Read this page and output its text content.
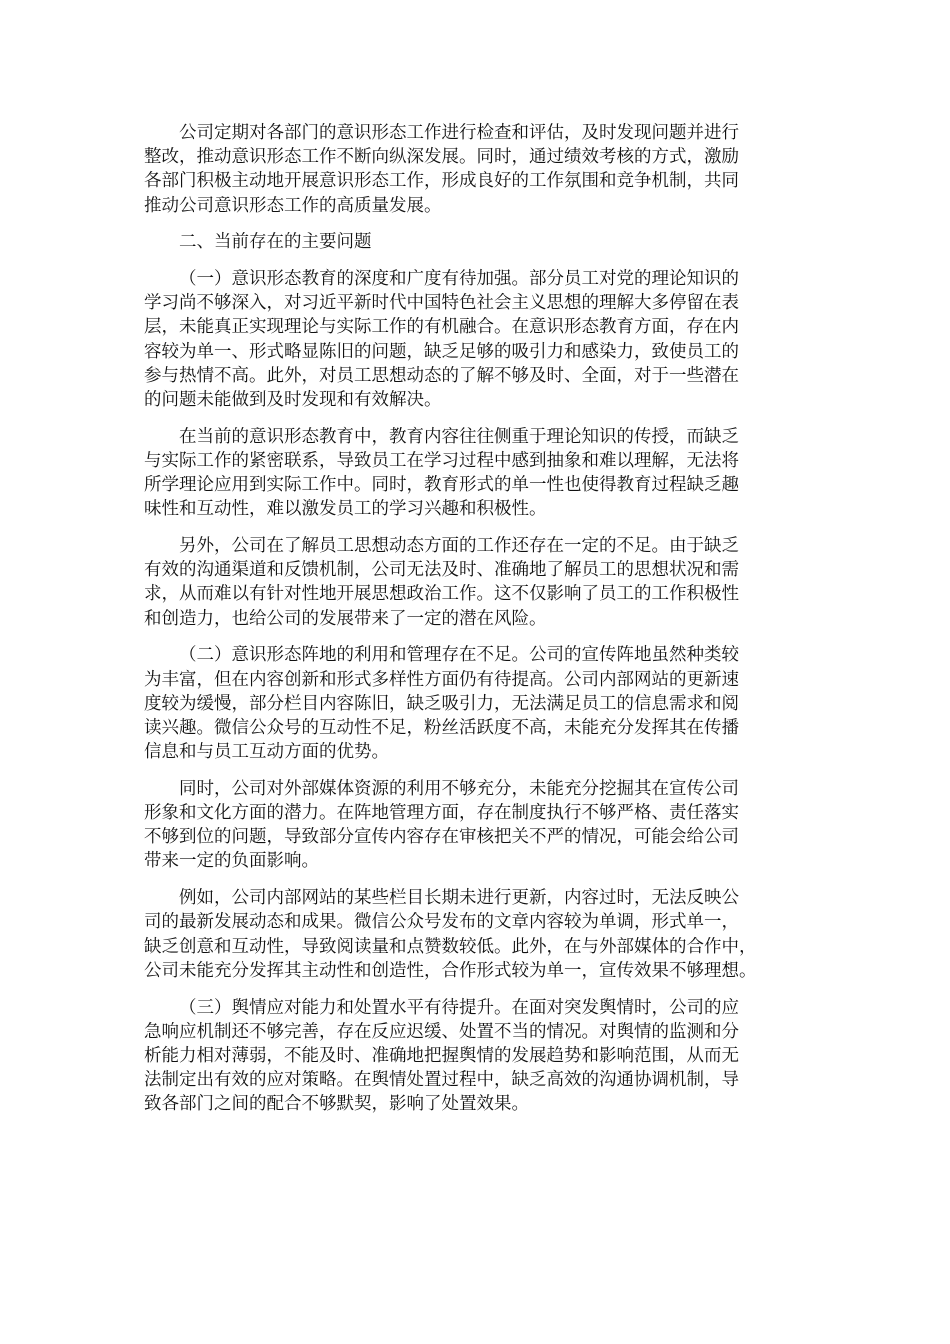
公司定期对各部门的意识形态工作进行检查和评估，及时发现问题并进行
整改，推动意识形态工作不断向纵深发展。同时，通过绩效考核的方式，激励
各部门积极主动地开展意识形态工作，形成良好的工作氛围和竞争机制，共同
推动公司意识形态工作的高质量发展。

二、当前存在的主要问题

（一）意识形态教育的深度和广度有待加强。部分员工对党的理论知识的
学习尚不够深入，对习近平新时代中国特色社会主义思想的理解大多停留在表
层，未能真正实现理论与实际工作的有机融合。在意识形态教育方面，存在内
容较为单一、形式略显陈旧的问题，缺乏足够的吸引力和感染力，致使员工的
参与热情不高。此外，对员工思想动态的了解不够及时、全面，对于一些潜在
的问题未能做到及时发现和有效解决。

在当前的意识形态教育中，教育内容往往侧重于理论知识的传授，而缺乏
与实际工作的紧密联系，导致员工在学习过程中感到抽象和难以理解，无法将
所学理论应用到实际工作中。同时，教育形式的单一性也使得教育过程缺乏趣
味性和互动性，难以激发员工的学习兴趣和积极性。

另外，公司在了解员工思想动态方面的工作还存在一定的不足。由于缺乏
有效的沟通渠道和反馈机制，公司无法及时、准确地了解员工的思想状况和需
求，从而难以有针对性地开展思想政治工作。这不仅影响了员工的工作积极性
和创造力，也给公司的发展带来了一定的潜在风险。

（二）意识形态阵地的利用和管理存在不足。公司的宣传阵地虽然种类较
为丰富，但在内容创新和形式多样性方面仍有待提高。公司内部网站的更新速
度较为缓慢，部分栏目内容陈旧，缺乏吸引力，无法满足员工的信息需求和阅
读兴趣。微信公众号的互动性不足，粉丝活跃度不高，未能充分发挥其在传播
信息和与员工互动方面的优势。

同时，公司对外部媒体资源的利用不够充分，未能充分挖掘其在宣传公司
形象和文化方面的潜力。在阵地管理方面，存在制度执行不够严格、责任落实
不够到位的问题，导致部分宣传内容存在审核把关不严的情况，可能会给公司
带来一定的负面影响。

例如，公司内部网站的某些栏目长期未进行更新，内容过时，无法反映公
司的最新发展动态和成果。微信公众号发布的文章内容较为单调，形式单一，
缺乏创意和互动性，导致阅读量和点赞数较低。此外，在与外部媒体的合作中，
公司未能充分发挥其主动性和创造性，合作形式较为单一，宣传效果不够理想。

（三）舆情应对能力和处置水平有待提升。在面对突发舆情时，公司的应
急响应机制还不够完善，存在反应迟缓、处置不当的情况。对舆情的监测和分
析能力相对薄弱，不能及时、准确地把握舆情的发展趋势和影响范围，从而无
法制定出有效的应对策略。在舆情处置过程中，缺乏高效的沟通协调机制，导
致各部门之间的配合不够默契，影响了处置效果。
